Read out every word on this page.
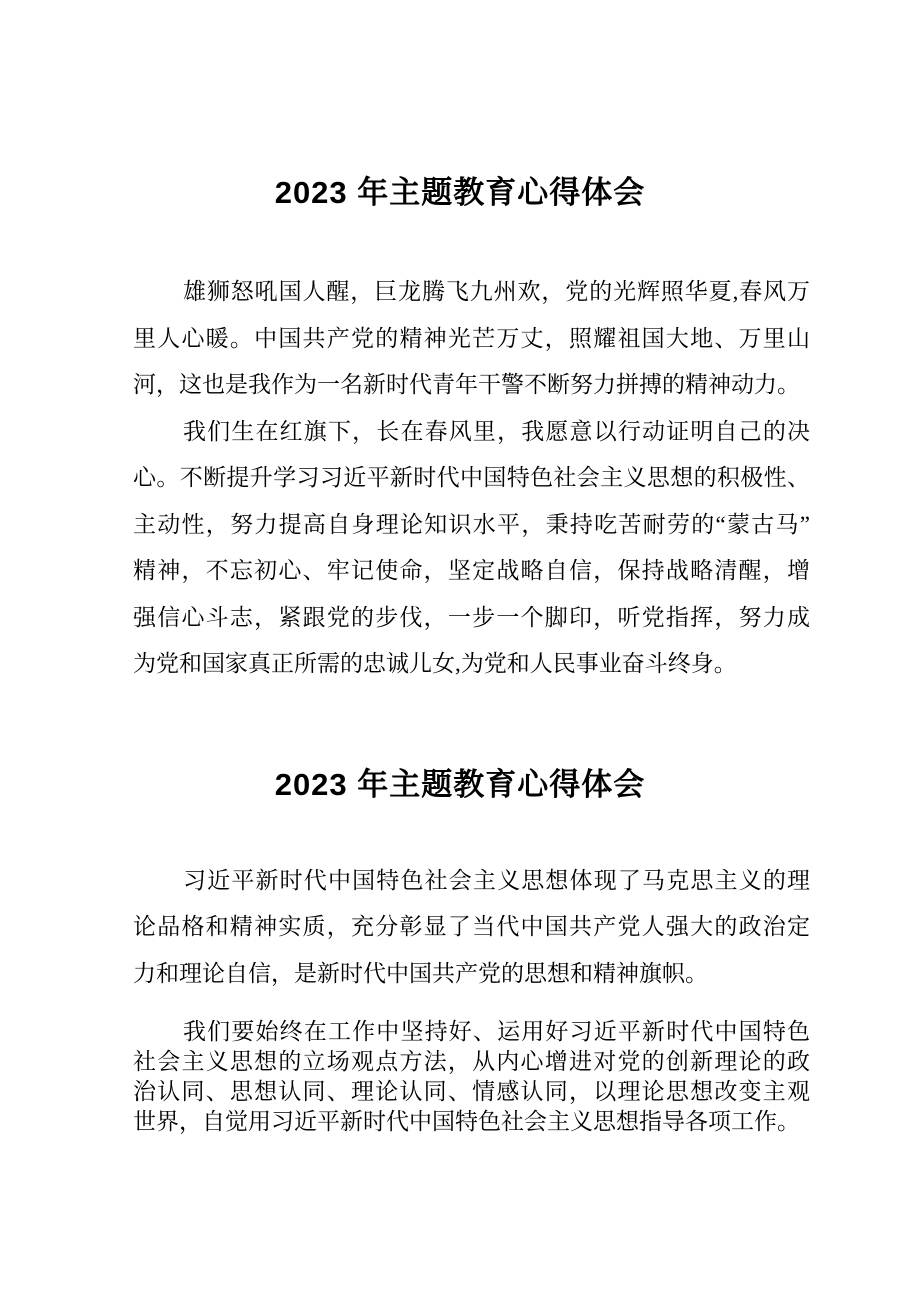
2023 年主题教育心得体会
雄狮怒吼国人醒，巨龙腾飞九州欢，党的光辉照华夏,春风万
里人心暖。中国共产党的精神光芒万丈，照耀祖国大地、万里山
河，这也是我作为一名新时代青年干警不断努力拼搏的精神动力。
我们生在红旗下，长在春风里，我愿意以行动证明自己的决
心。不断提升学习习近平新时代中国特色社会主义思想的积极性、
主动性，努力提高自身理论知识水平，秉持吃苦耐劳的“蒙古马”
精神，不忘初心、牢记使命，坚定战略自信，保持战略清醒，增
强信心斗志，紧跟党的步伐，一步一个脚印，听党指挥，努力成
为党和国家真正所需的忠诚儿女,为党和人民事业奋斗终身。
2023 年主题教育心得体会
习近平新时代中国特色社会主义思想体现了马克思主义的理
论品格和精神实质，充分彰显了当代中国共产党人强大的政治定
力和理论自信，是新时代中国共产党的思想和精神旗帜。
我们要始终在工作中坚持好、运用好习近平新时代中国特色
社会主义思想的立场观点方法，从内心增进对党的创新理论的政
治认同、思想认同、理论认同、情感认同，以理论思想改变主观
世界，自觉用习近平新时代中国特色社会主义思想指导各项工作。
